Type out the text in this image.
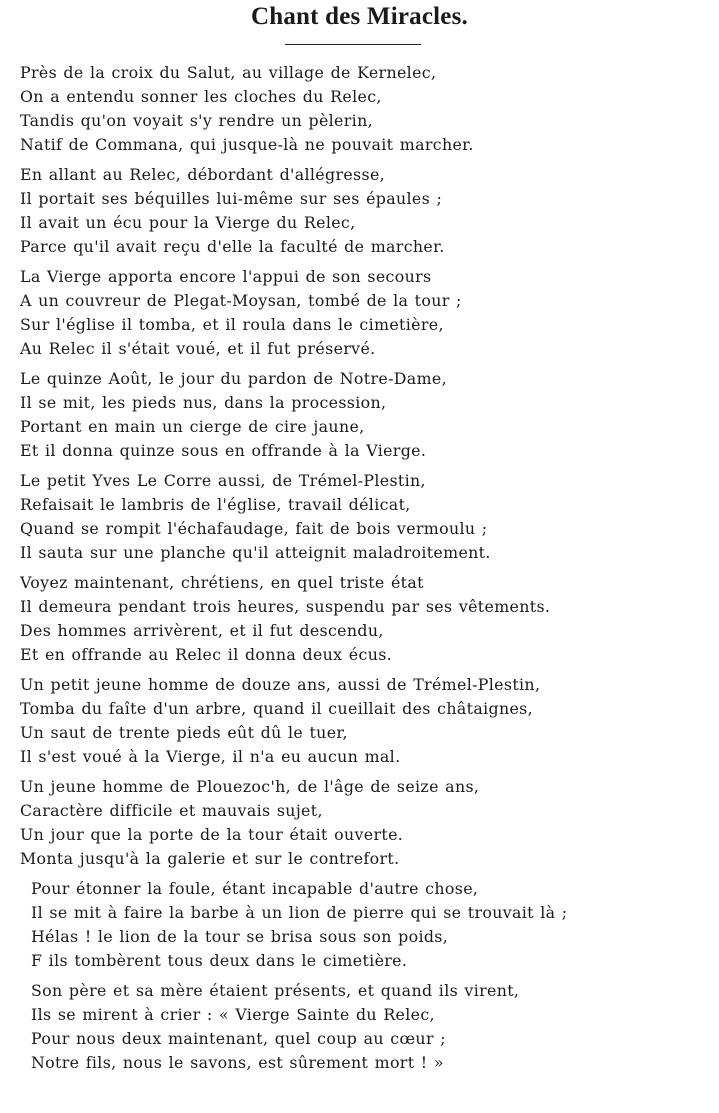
Chant des Miracles.
Près de la croix du Salut, au village de Kernelec,
On a entendu sonner les cloches du Relec,
Tandis qu'on voyait s'y rendre un pèlerin,
Natif de Commana, qui jusque-là ne pouvait marcher.
En allant au Relec, débordant d'allégresse,
Il portait ses béquilles lui-même sur ses épaules ;
Il avait un écu pour la Vierge du Relec,
Parce qu'il avait reçu d'elle la faculté de marcher.
La Vierge apporta encore l'appui de son secours
A un couvreur de Plegat-Moysan, tombé de la tour ;
Sur l'église il tomba, et il roula dans le cimetière,
Au Relec il s'était voué, et il fut préservé.
Le quinze Août, le jour du pardon de Notre-Dame,
Il se mit, les pieds nus, dans la procession,
Portant en main un cierge de cire jaune,
Et il donna quinze sous en offrande à la Vierge.
Le petit Yves Le Corre aussi, de Trémel-Plestin,
Refaisait le lambris de l'église, travail délicat,
Quand se rompit l'échafaudage, fait de bois vermoulu ;
Il sauta sur une planche qu'il atteignit maladroitement.
Voyez maintenant, chrétiens, en quel triste état
Il demeura pendant trois heures, suspendu par ses vêtements.
Des hommes arrivèrent, et il fut descendu,
Et en offrande au Relec il donna deux écus.
Un petit jeune homme de douze ans, aussi de Trémel-Plestin,
Tomba du faîte d'un arbre, quand il cueillait des châtaignes,
Un saut de trente pieds eût dû le tuer,
Il s'est voué à la Vierge, il n'a eu aucun mal.
Un jeune homme de Plouezoc'h, de l'âge de seize ans,
Caractère difficile et mauvais sujet,
Un jour que la porte de la tour était ouverte.
Monta jusqu'à la galerie et sur le contrefort.
Pour étonner la foule, étant incapable d'autre chose,
Il se mit à faire la barbe à un lion de pierre qui se trouvait là ;
Hélas ! le lion de la tour se brisa sous son poids,
F ils tombèrent tous deux dans le cimetière.
Son père et sa mère étaient présents, et quand ils virent,
Ils se mirent à crier : « Vierge Sainte du Relec,
Pour nous deux maintenant, quel coup au cœur ;
Notre fils, nous le savons, est sûrement mort ! »
